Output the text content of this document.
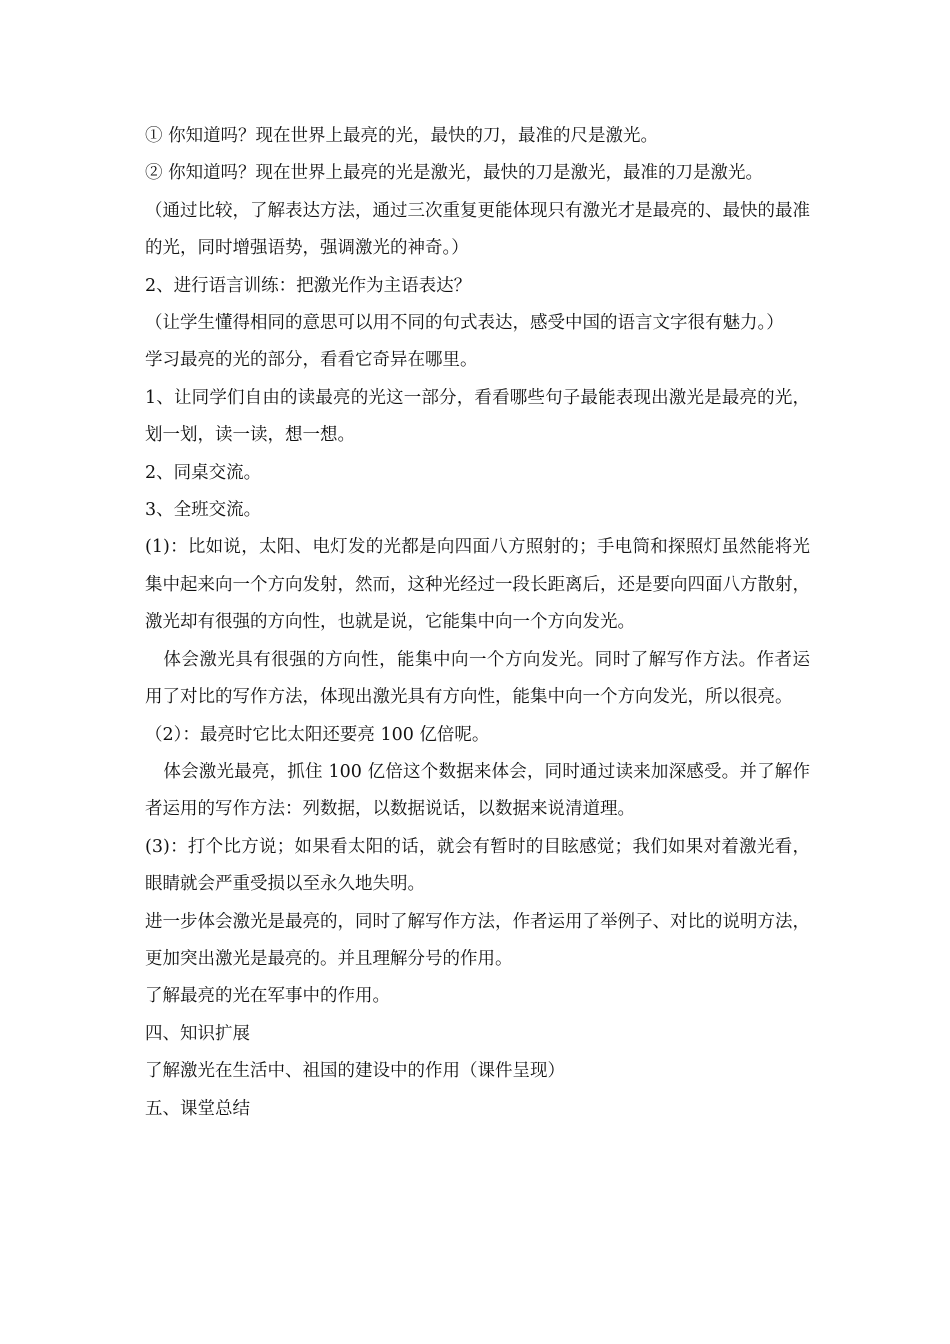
① 你知道吗？现在世界上最亮的光，最快的刀，最准的尺是激光。

② 你知道吗？现在世界上最亮的光是激光，最快的刀是激光，最准的刀是激光。

（通过比较，了解表达方法，通过三次重复更能体现只有激光才是最亮的、最快的最准的光，同时增强语势，强调激光的神奇。）

2、进行语言训练：把激光作为主语表达？

（让学生懂得相同的意思可以用不同的句式表达，感受中国的语言文字很有魅力。）

学习最亮的光的部分，看看它奇异在哪里。

1、让同学们自由的读最亮的光这一部分，看看哪些句子最能表现出激光是最亮的光，划一划，读一读，想一想。

2、同桌交流。

3、全班交流。

(1)：比如说，太阳、电灯发的光都是向四面八方照射的；手电筒和探照灯虽然能将光集中起来向一个方向发射，然而，这种光经过一段长距离后，还是要向四面八方散射，激光却有很强的方向性，也就是说，它能集中向一个方向发光。

体会激光具有很强的方向性，能集中向一个方向发光。同时了解写作方法。作者运用了对比的写作方法，体现出激光具有方向性，能集中向一个方向发光，所以很亮。

（2）：最亮时它比太阳还要亮 100 亿倍呢。

体会激光最亮，抓住 100 亿倍这个数据来体会，同时通过读来加深感受。并了解作者运用的写作方法：列数据，以数据说话，以数据来说清道理。

(3)：打个比方说；如果看太阳的话，就会有暂时的目眩感觉；我们如果对着激光看，眼睛就会严重受损以至永久地失明。

进一步体会激光是最亮的，同时了解写作方法，作者运用了举例子、对比的说明方法，更加突出激光是最亮的。并且理解分号的作用。

了解最亮的光在军事中的作用。

四、知识扩展

了解激光在生活中、祖国的建设中的作用（课件呈现）

五、课堂总结
